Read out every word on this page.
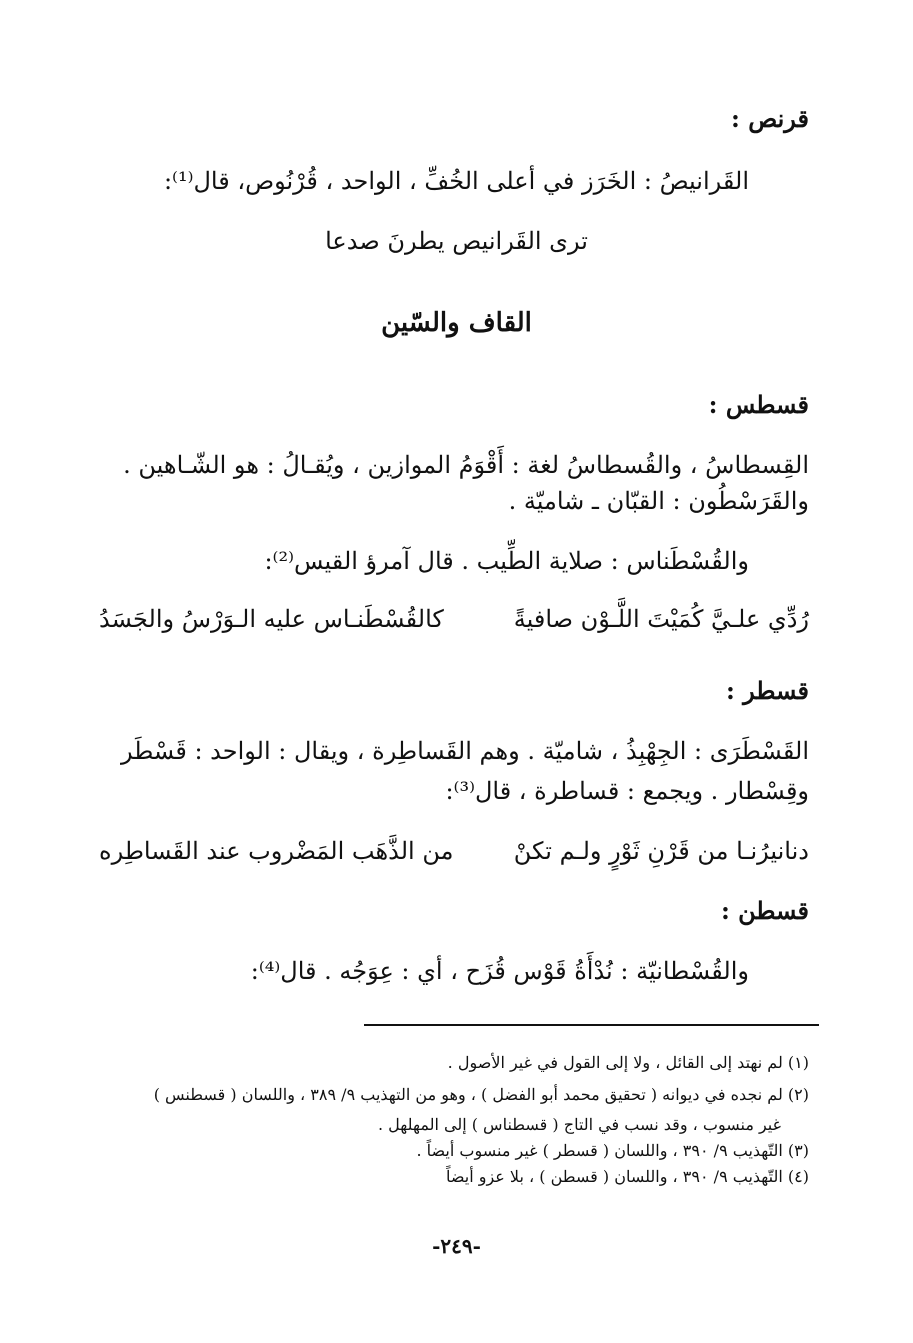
قرنص :
القَرانيصُ : الخَرَز في أعلى الخُفِّ ، الواحد ، قُرْنُوص، قال⁽¹⁾:
ترى القَرانيص يطرنَ صدعا
القاف والسّين
قسطس :
القِسطاسُ ، والقُسطاسُ لغة : أَقْوَمُ الموازين ، ويُقـالُ : هو الشّـاهين .
والقَرَسْطُون : القبّان ـ شاميّة .
والقُسْطَناس : صلاية الطِّيب . قال آمرؤ القيس⁽²⁾:
رُدِّي علـيَّ كُمَيْتَ اللَّـوْن صافيةً
كالقُسْطَنـاس عليه الـوَرْسُ والجَسَدُ
قسطر :
القَسْطَرَى : الجِهْبِذُ ، شاميّة . وهم القَساطِرة ، ويقال : الواحد : قَسْطَر
وقِسْطار . ويجمع : قساطرة ، قال⁽³⁾:
دنانيرُنـا من قَرْنِ ثَوْرٍ ولـم تكنْ
من الذَّهَب المَضْروب عند القَساطِره
قسطن :
والقُسْطانيّة : نُدْأَةُ قَوْس قُزَح ، أي : عِوَجُه . قال⁽⁴⁾:
(١) لم نهتد إلى القائل ، ولا إلى القول في غير الأصول .
(٢) لم نجده في ديوانه ( تحقيق محمد أبو الفضل ) ، وهو من التهذيب ٩/ ٣٨٩ ، واللسان ( قسطنس )
غير منسوب ، وقد نسب في التاج ( قسطناس ) إلى المهلهل .
(٣) التّهذيب ٩/ ٣٩٠ ، واللسان ( قسطر ) غير منسوب أيضاً .
(٤) التّهذيب ٩/ ٣٩٠ ، واللسان ( قسطن ) ، بلا عزو أيضاً
-٢٤٩-
